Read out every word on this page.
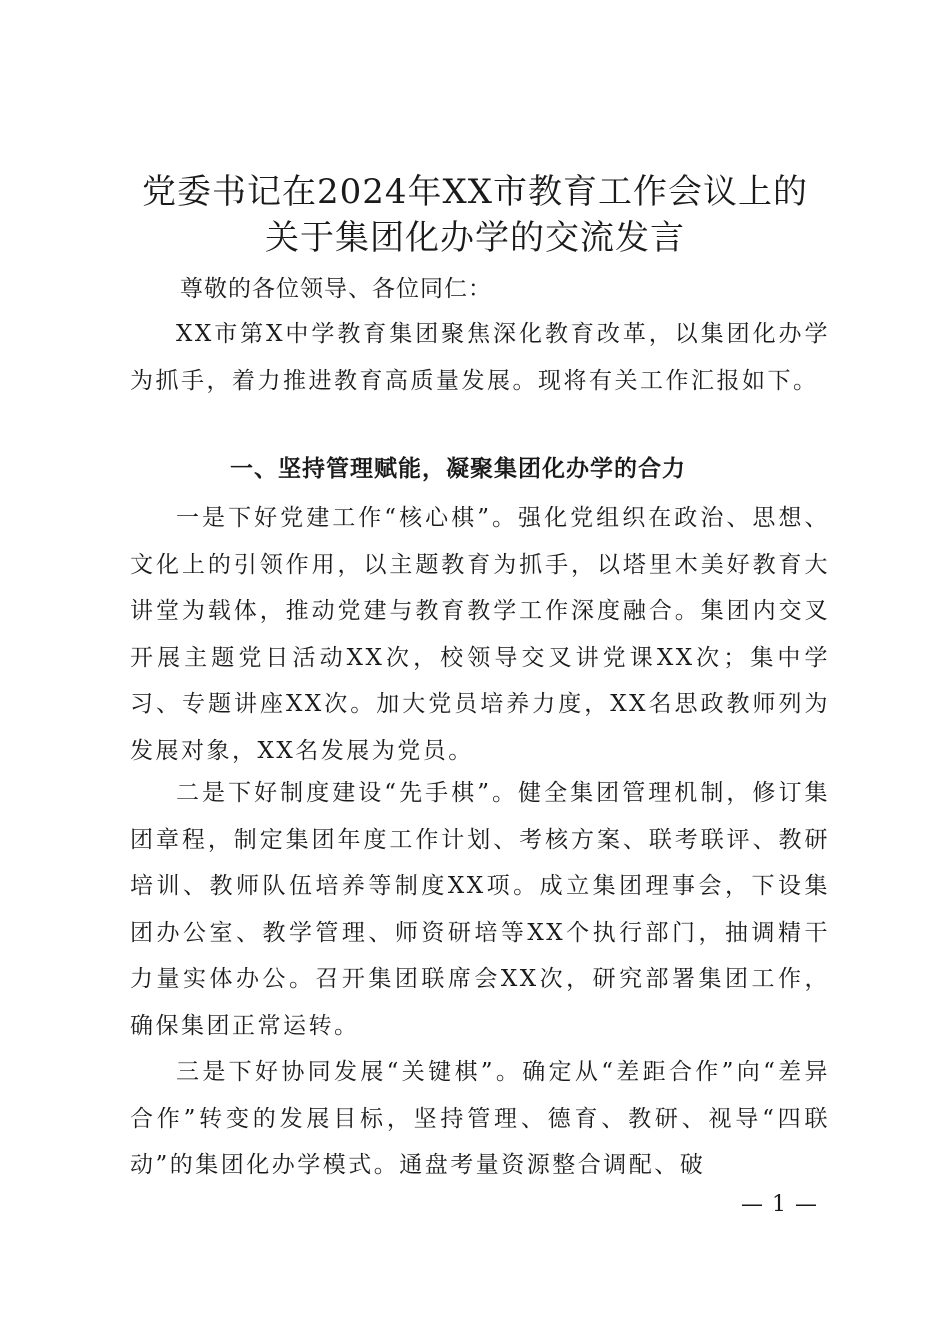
党委书记在2024年XX市教育工作会议上的
关于集团化办学的交流发言
尊敬的各位领导、各位同仁：
XX市第X中学教育集团聚焦深化教育改革，以集团化办学为抓手，着力推进教育高质量发展。现将有关工作汇报如下。
一、坚持管理赋能，凝聚集团化办学的合力
一是下好党建工作“核心棋”。强化党组织在政治、思想、文化上的引领作用，以主题教育为抓手，以塔里木美好教育大讲堂为载体，推动党建与教育教学工作深度融合。集团内交叉开展主题党日活动XX次，校领导交叉讲党课XX次；集中学习、专题讲座XX次。加大党员培养力度，XX名思政教师列为发展对象，XX名发展为党员。
二是下好制度建设“先手棋”。健全集团管理机制，修订集团章程，制定集团年度工作计划、考核方案、联考联评、教研培训、教师队伍培养等制度XX项。成立集团理事会，下设集团办公室、教学管理、师资研培等XX个执行部门，抽调精干力量实体办公。召开集团联席会XX次，研究部署集团工作，确保集团正常运转。
三是下好协同发展“关键棋”。确定从“差距合作”向“差异合作”转变的发展目标，坚持管理、德育、教研、视导“四联动”的集团化办学模式。通盘考量资源整合调配、破
— 1 —
